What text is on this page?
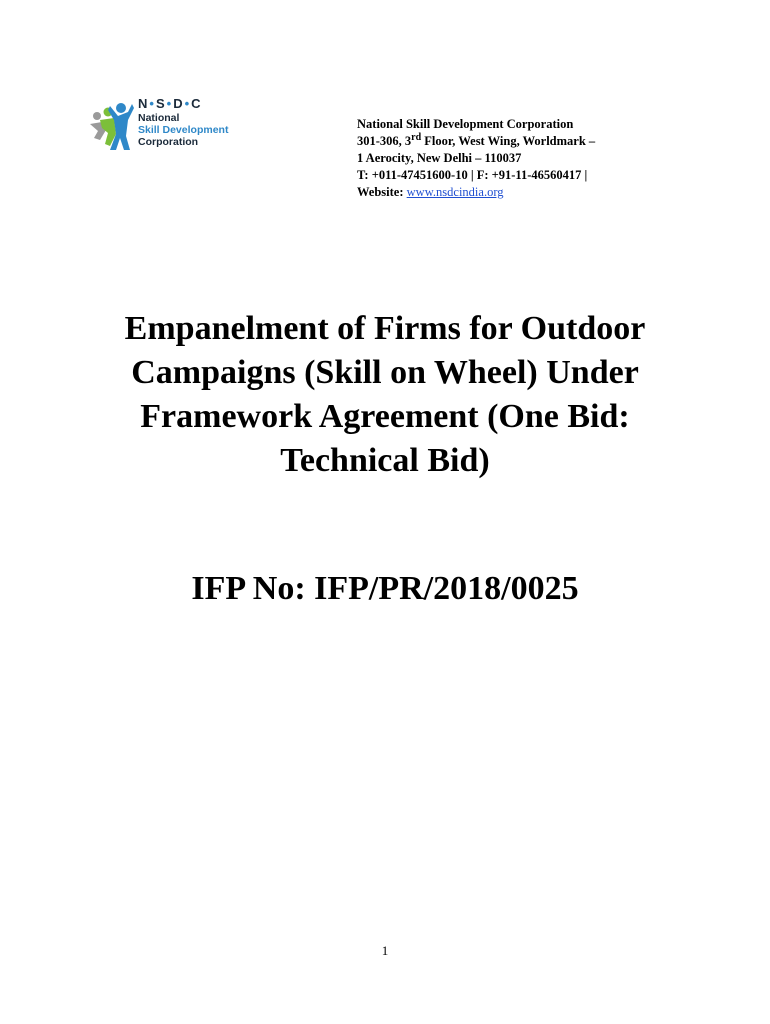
N•S•D•C
National
Skill Development
Corporation
National Skill Development Corporation
301-306, 3rd Floor, West Wing, Worldmark –
1 Aerocity, New Delhi – 110037
T: +011-47451600-10 | F: +91-11-46560417 |
Website: www.nsdcindia.org
Empanelment of Firms for Outdoor
Campaigns (Skill on Wheel) Under
Framework Agreement (One Bid:
Technical Bid)
IFP No: IFP/PR/2018/0025
1
